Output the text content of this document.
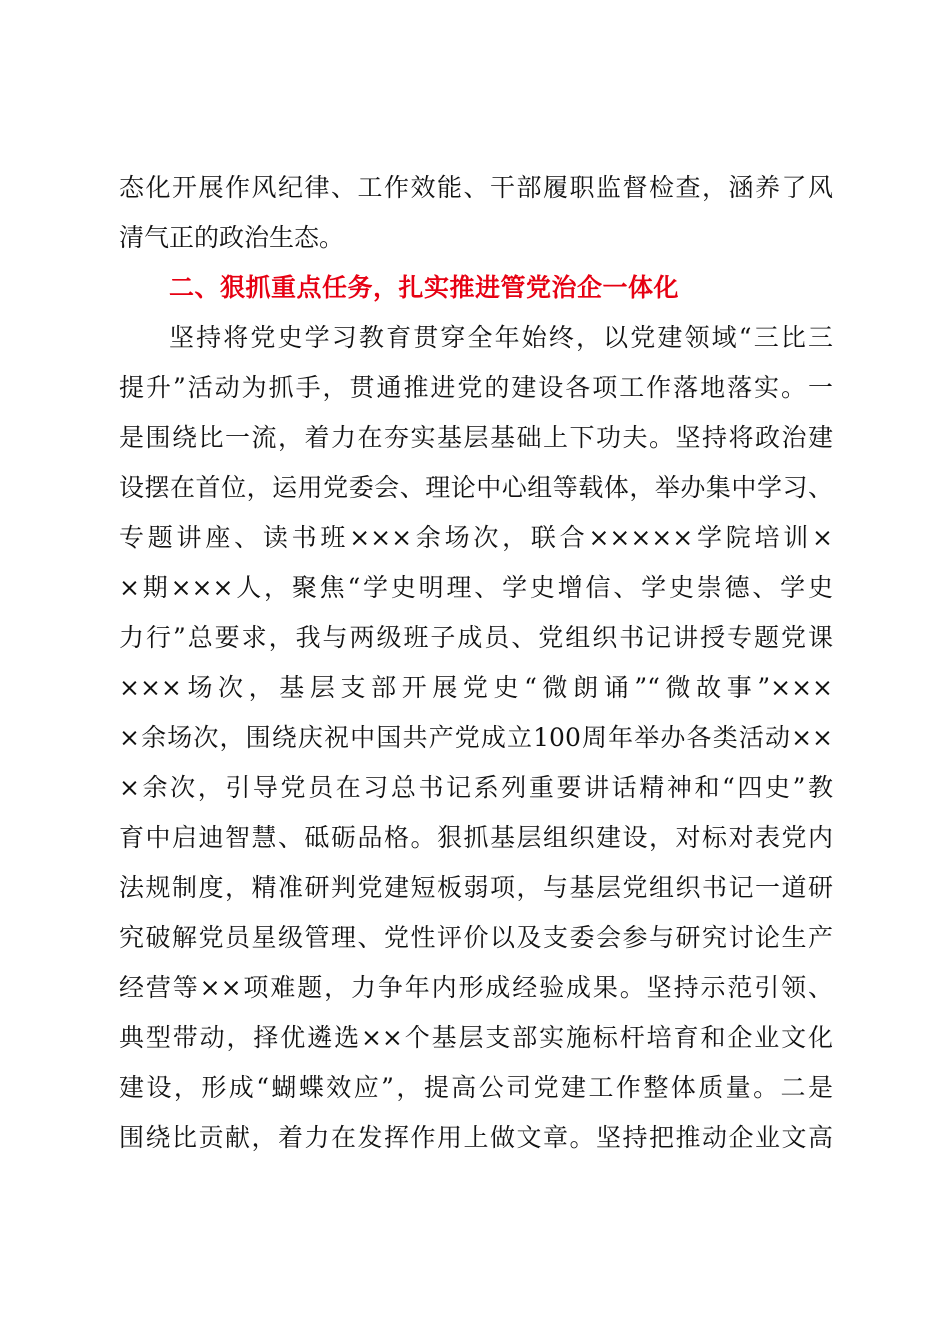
态化开展作风纪律、工作效能、干部履职监督检查，涵养了风

清气正的政治生态。

二、狠抓重点任务，扎实推进管党治企一体化

坚持将党史学习教育贯穿全年始终，以党建领域“三比三

提升”活动为抓手，贯通推进党的建设各项工作落地落实。一

是围绕比一流，着力在夯实基层基础上下功夫。坚持将政治建

设摆在首位，运用党委会、理论中心组等载体，举办集中学习、

专题讲座、读书班×××余场次，联合×××××学院培训×

×期×××人，聚焦“学史明理、学史增信、学史崇德、学史

力行”总要求，我与两级班子成员、党组织书记讲授专题党课

×××场次，基层支部开展党史“微朗诵”“微故事”×××

×余场次，围绕庆祝中国共产党成立100周年举办各类活动××

×余次，引导党员在习总书记系列重要讲话精神和“四史”教

育中启迪智慧、砥砺品格。狠抓基层组织建设，对标对表党内

法规制度，精准研判党建短板弱项，与基层党组织书记一道研

究破解党员星级管理、党性评价以及支委会参与研究讨论生产

经营等××项难题，力争年内形成经验成果。坚持示范引领、

典型带动，择优遴选××个基层支部实施标杆培育和企业文化

建设，形成“蝴蝶效应”，提高公司党建工作整体质量。二是

围绕比贡献，着力在发挥作用上做文章。坚持把推动企业文高
